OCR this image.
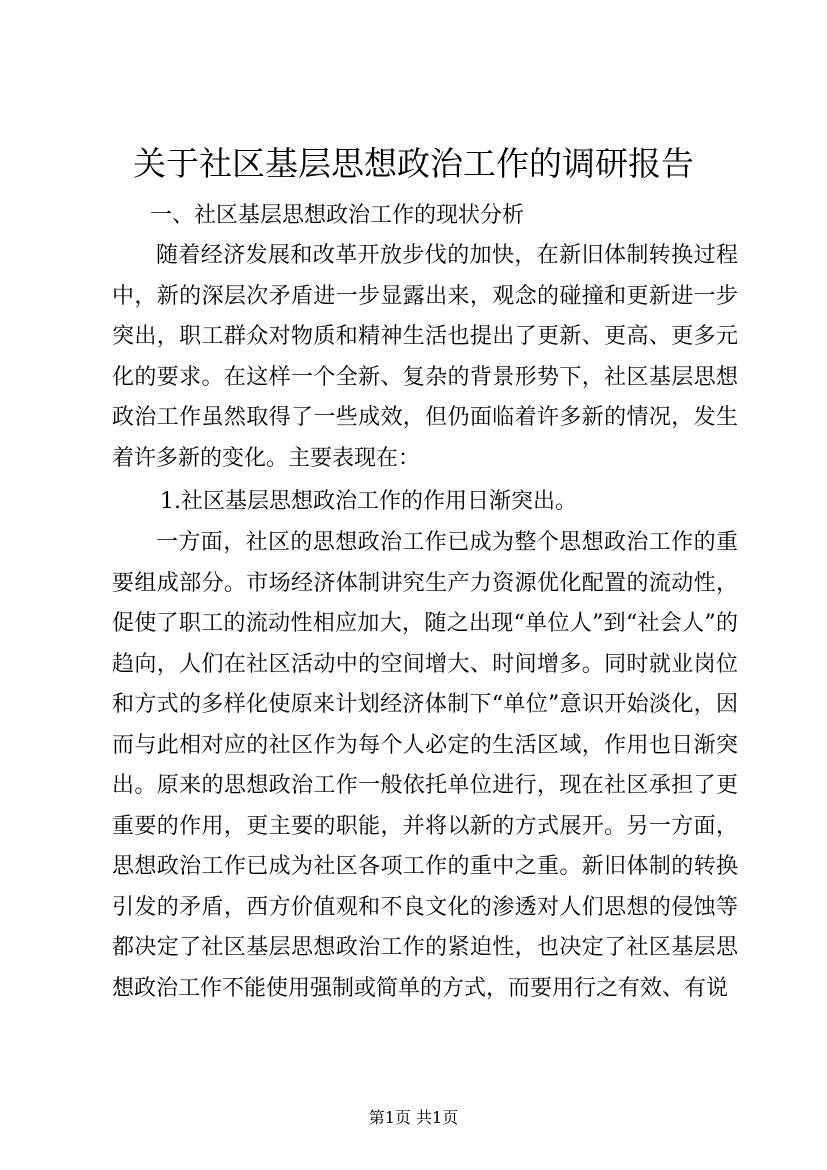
关于社区基层思想政治工作的调研报告

一、社区基层思想政治工作的现状分析

随着经济发展和改革开放步伐的加快，在新旧体制转换过程中，新的深层次矛盾进一步显露出来，观念的碰撞和更新进一步突出，职工群众对物质和精神生活也提出了更新、更高、更多元化的要求。在这样一个全新、复杂的背景形势下，社区基层思想政治工作虽然取得了一些成效，但仍面临着许多新的情况，发生着许多新的变化。主要表现在：

1.社区基层思想政治工作的作用日渐突出。

一方面，社区的思想政治工作已成为整个思想政治工作的重要组成部分。市场经济体制讲究生产力资源优化配置的流动性，促使了职工的流动性相应加大，随之出现“单位人”到“社会人”的趋向，人们在社区活动中的空间增大、时间增多。同时就业岗位和方式的多样化使原来计划经济体制下“单位”意识开始淡化，因而与此相对应的社区作为每个人必定的生活区域，作用也日渐突出。原来的思想政治工作一般依托单位进行，现在社区承担了更重要的作用，更主要的职能，并将以新的方式展开。另一方面，思想政治工作已成为社区各项工作的重中之重。新旧体制的转换引发的矛盾，西方价值观和不良文化的渗透对人们思想的侵蚀等都决定了社区基层思想政治工作的紧迫性，也决定了社区基层思想政治工作不能使用强制或简单的方式，而要用行之有效、有说

第1页 共1页
